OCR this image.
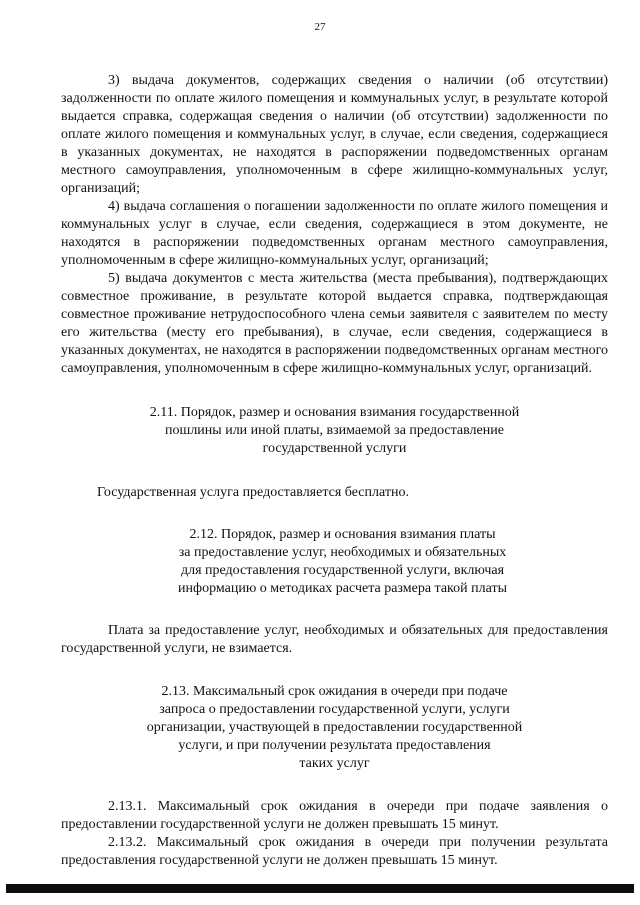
27

3) выдача документов, содержащих сведения о наличии (об отсутствии) задолженности по оплате жилого помещения и коммунальных услуг, в результате которой выдается справка, содержащая сведения о наличии (об отсутствии) задолженности по оплате жилого помещения и коммунальных услуг, в случае, если сведения, содержащиеся в указанных документах, не находятся в распоряжении подведомственных органам местного самоуправления, уполномоченным в сфере жилищно-коммунальных услуг, организаций;

4) выдача соглашения о погашении задолженности по оплате жилого помещения и коммунальных услуг в случае, если сведения, содержащиеся в этом документе, не находятся в распоряжении подведомственных органам местного самоуправления, уполномоченным в сфере жилищно-коммунальных услуг, организаций;

5) выдача документов с места жительства (места пребывания), подтверждающих совместное проживание, в результате которой выдается справка, подтверждающая совместное проживание нетрудоспособного члена семьи заявителя с заявителем по месту его жительства (месту его пребывания), в случае, если сведения, содержащиеся в указанных документах, не находятся в распоряжении подведомственных органам местного самоуправления, уполномоченным в сфере жилищно-коммунальных услуг, организаций.

2.11. Порядок, размер и основания взимания государственной
пошлины или иной платы, взимаемой за предоставление
государственной услуги

Государственная услуга предоставляется бесплатно.

2.12. Порядок, размер и основания взимания платы
за предоставление услуг, необходимых и обязательных
для предоставления государственной услуги, включая
информацию о методиках расчета размера такой платы

Плата за предоставление услуг, необходимых и обязательных для предоставления государственной услуги, не взимается.

2.13. Максимальный срок ожидания в очереди при подаче
запроса о предоставлении государственной услуги, услуги
организации, участвующей в предоставлении государственной
услуги, и при получении результата предоставления
таких услуг

2.13.1. Максимальный срок ожидания в очереди при подаче заявления о предоставлении государственной услуги не должен превышать 15 минут.

2.13.2. Максимальный срок ожидания в очереди при получении результата предоставления государственной услуги не должен превышать 15 минут.
